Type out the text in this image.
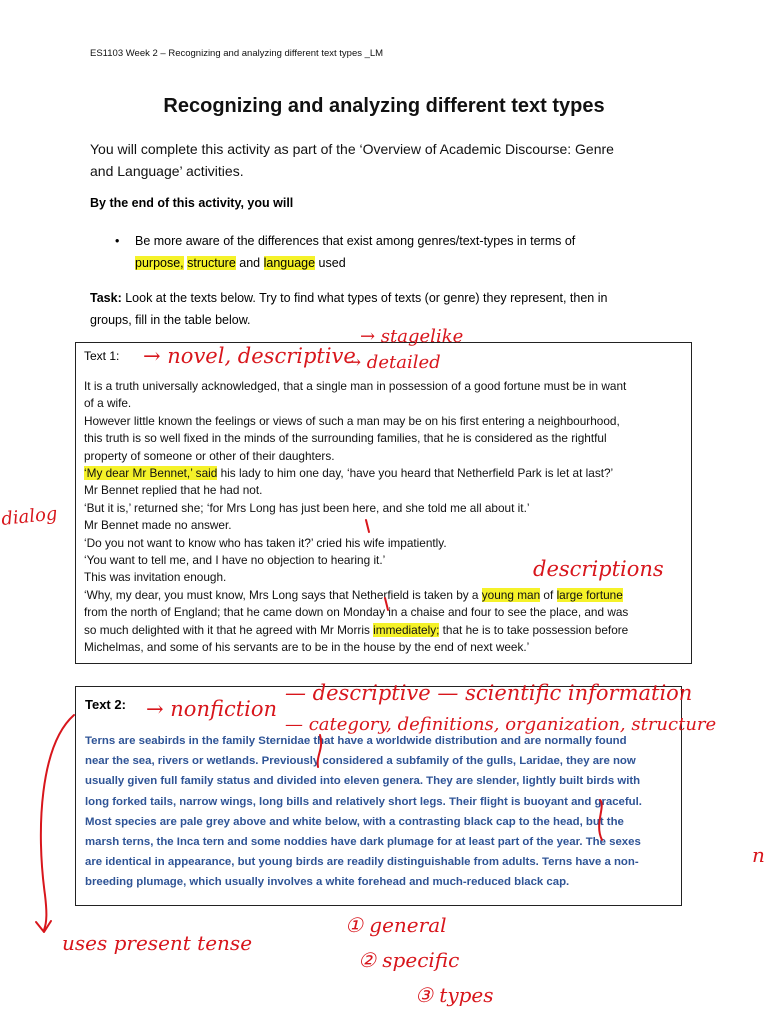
ES1103 Week 2 – Recognizing and analyzing different text types _LM
Recognizing and analyzing different text types
You will complete this activity as part of the ‘Overview of Academic Discourse: Genre
and Language’ activities.
By the end of this activity, you will
• Be more aware of the differences that exist among genres/text-types in terms of
purpose, structure and language used
Task: Look at the texts below. Try to find what types of texts (or genre) they represent, then in
groups, fill in the table below.
Text 1:

It is a truth universally acknowledged, that a single man in possession of a good fortune must be in want

of a wife.

However little known the feelings or views of such a man may be on his first entering a neighbourhood,

this truth is so well fixed in the minds of the surrounding families, that he is considered as the rightful

property of someone or other of their daughters.

‘My dear Mr Bennet,’ said his lady to him one day, ‘have you heard that Netherfield Park is let at last?’

Mr Bennet replied that he had not.

‘But it is,’ returned she; ‘for Mrs Long has just been here, and she told me all about it.’

Mr Bennet made no answer.

‘Do you not want to know who has taken it?’ cried his wife impatiently.

‘You want to tell me, and I have no objection to hearing it.’

This was invitation enough.

‘Why, my dear, you must know, Mrs Long says that Netherfield is taken by a young man of large fortune

from the north of England; that he came down on Monday in a chaise and four to see the place, and was

so much delighted with it that he agreed with Mr Morris immediately; that he is to take possession before

Michelmas, and some of his servants are to be in the house by the end of next week.’

Text 2:
Terns are seabirds in the family Sternidae that have a worldwide distribution and are normally found
near the sea, rivers or wetlands. Previously considered a subfamily of the gulls, Laridae, they are now
usually given full family status and divided into eleven genera. They are slender, lightly built birds with
long forked tails, narrow wings, long bills and relatively short legs. Their flight is buoyant and graceful.
Most species are pale grey above and white below, with a contrasting black cap to the head, but the
marsh terns, the Inca tern and some noddies have dark plumage for at least part of the year. The sexes
are identical in appearance, but young birds are readily distinguishable from adults. Terns have a non-
breeding plumage, which usually involves a white forehead and much-reduced black cap.
→ novel, descriptive
→ stagelike
→ detailed
dialog
descriptions
→ nonfiction
— descriptive — scientific information
— category, definitions, organization, structure
uses present tense
① general
② specific
③ types
n
